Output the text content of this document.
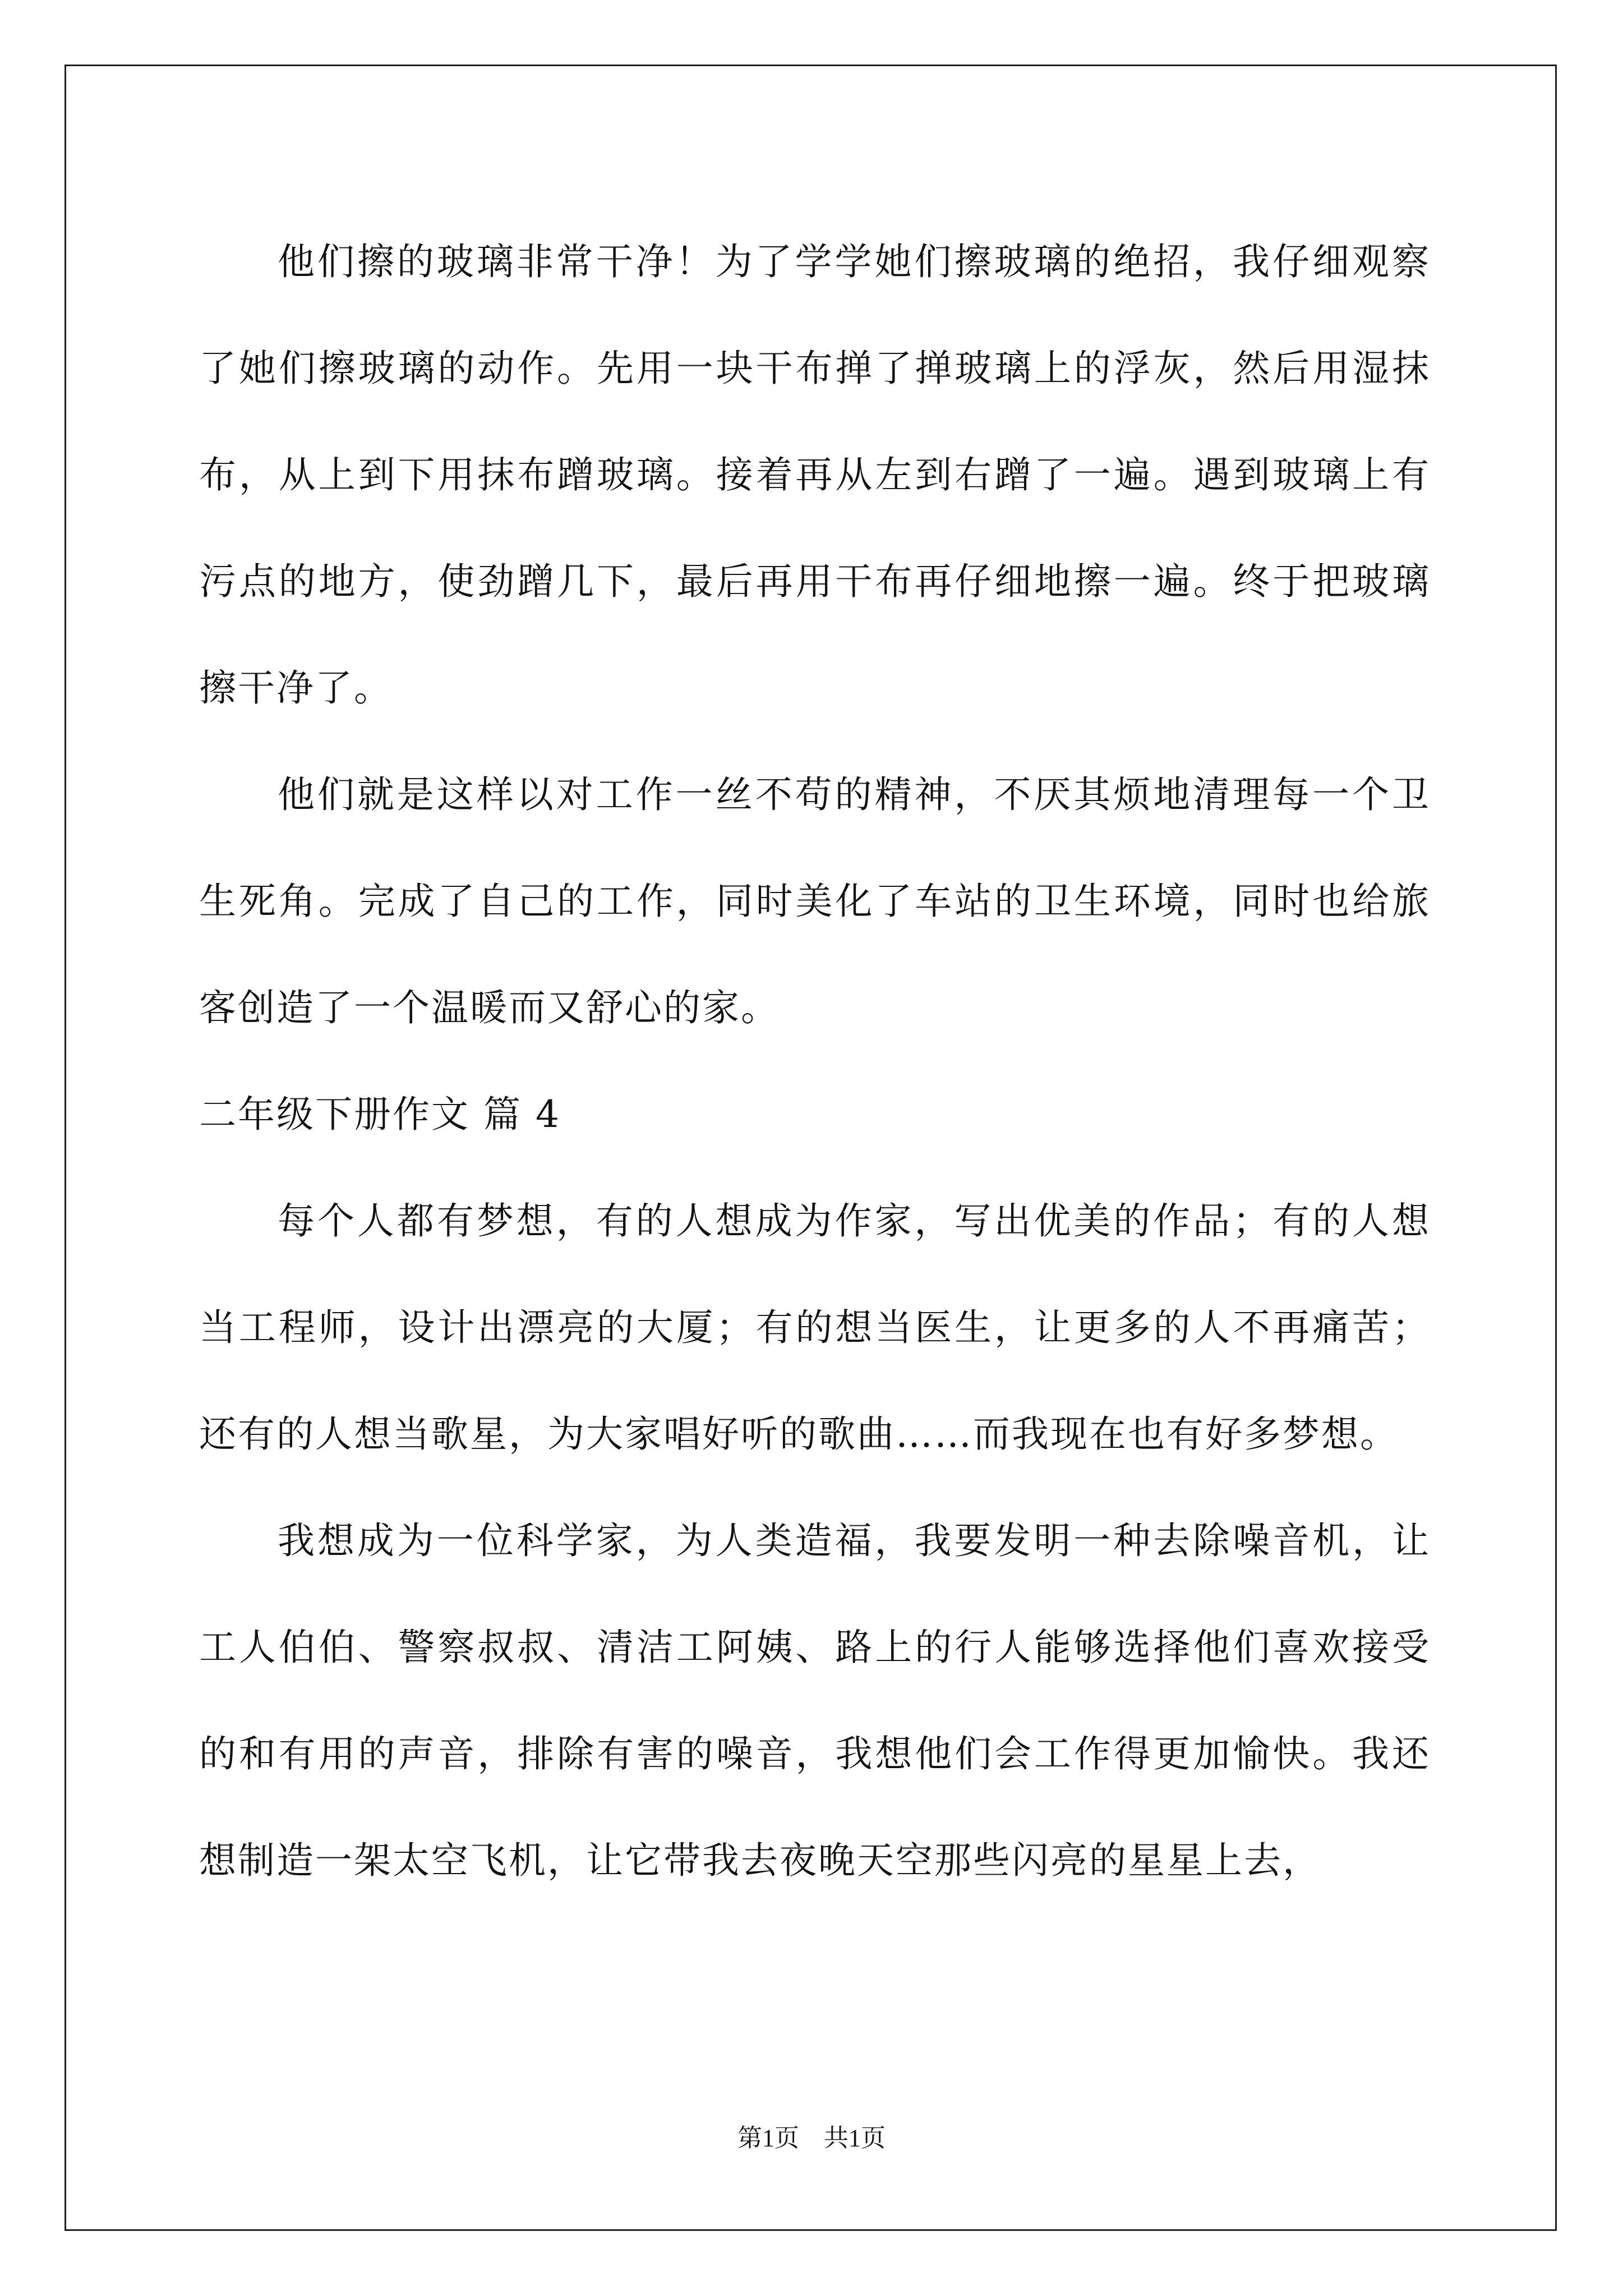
他们擦的玻璃非常干净！为了学学她们擦玻璃的绝招，我仔细观察了她们擦玻璃的动作。先用一块干布掸了掸玻璃上的浮灰，然后用湿抹布，从上到下用抹布蹭玻璃。接着再从左到右蹭了一遍。遇到玻璃上有污点的地方，使劲蹭几下，最后再用干布再仔细地擦一遍。终于把玻璃擦干净了。

他们就是这样以对工作一丝不苟的精神，不厌其烦地清理每一个卫生死角。完成了自己的工作，同时美化了车站的卫生环境，同时也给旅客创造了一个温暖而又舒心的家。

二年级下册作文 篇 4

每个人都有梦想，有的人想成为作家，写出优美的作品；有的人想当工程师，设计出漂亮的大厦；有的想当医生，让更多的人不再痛苦；还有的人想当歌星，为大家唱好听的歌曲……而我现在也有好多梦想。

我想成为一位科学家，为人类造福，我要发明一种去除噪音机，让工人伯伯、警察叔叔、清洁工阿姨、路上的行人能够选择他们喜欢接受的和有用的声音，排除有害的噪音，我想他们会工作得更加愉快。我还想制造一架太空飞机，让它带我去夜晚天空那些闪亮的星星上去，

第1页　共1页
